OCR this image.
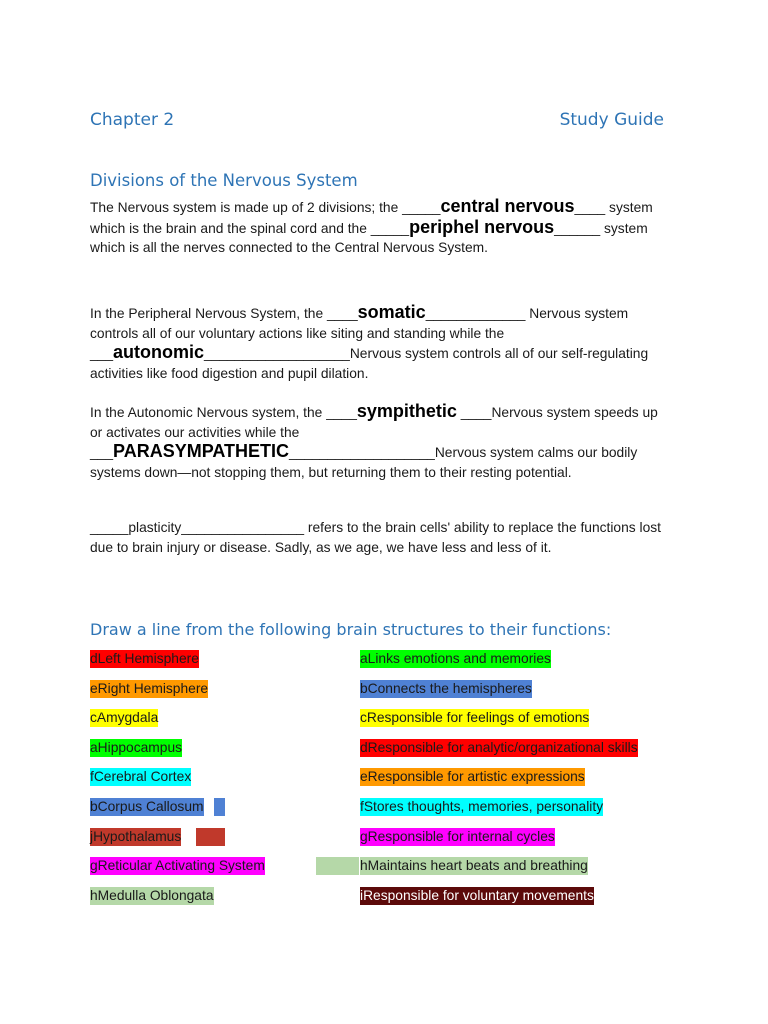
Chapter 2	Study Guide
Divisions of the Nervous System
The Nervous system is made up of 2 divisions; the _____central nervous____ system which is the brain and the spinal cord and the _____periphel nervous______ system which is all the nerves connected to the Central Nervous System.
In the Peripheral Nervous System, the ____somatic_____________ Nervous system controls all of our voluntary actions like siting and standing while the ___autonomic___________________Nervous system controls all of our self-regulating activities like food digestion and pupil dilation.
In the Autonomic Nervous system, the ____sympithetic ____Nervous system speeds up or activates our activities while the ___PARASYMPATHETIC___________________Nervous system calms our bodily systems down—not stopping them, but returning them to their resting potential.
_____plasticity________________ refers to the brain cells' ability to replace the functions lost due to brain injury or disease. Sadly, as we age, we have less and less of it.
Draw a line from the following brain structures to their functions:
dLeft Hemisphere	aLinks emotions and memories
eRight Hemisphere	bConnects the hemispheres
cAmygdala	cResponsible for feelings of emotions
aHippocampus	dResponsible for analytic/organizational skills
fCerebral Cortex	eResponsible for artistic expressions
bCorpus Callosum	fStores thoughts, memories, personality
jHypothalamus	gResponsible for internal cycles
gReticular Activating System	hMaintains heart beats and breathing
hMedulla Oblongata	iResponsible for voluntary movements
